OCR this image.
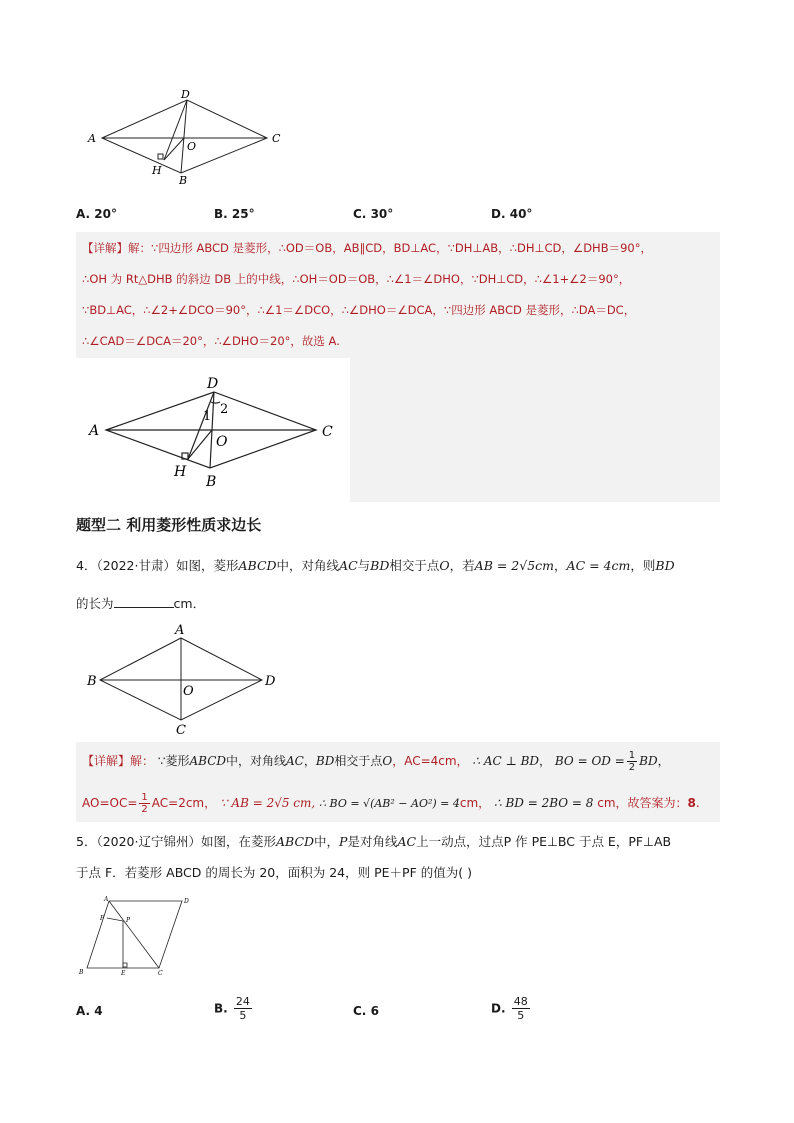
A
D
C
O
H
B
A. 20°	B. 25°	C. 30°	D. 40°
【详解】解：∵四边形 ABCD 是菱形，∴OD＝OB，AB∥CD，BD⊥AC，∵DH⊥AB，∴DH⊥CD，∠DHB＝90°，
∴OH 为 Rt△DHB 的斜边 DB 上的中线，∴OH＝OD＝OB，∴∠1＝∠DHO，∵DH⊥CD，∴∠1+∠2＝90°，
∵BD⊥AC，∴∠2+∠DCO＝90°，∴∠1＝∠DCO，∴∠DHO＝∠DCA，∵四边形 ABCD 是菱形，∴DA＝DC，
∴∠CAD＝∠DCA＝20°，∴∠DHO＝20°，故选 A.
A
D
C
O
H
B
1 2
题型二 利用菱形性质求边长
4．（2022·甘肃）如图，菱形ABCD中，对角线AC与BD相交于点O，若AB = 2√5cm，AC = 4cm，则BD
的长为	cm．
A
B	D
O
C
【详解】解： ∵菱形ABCD中，对角线AC，BD相交于点O，AC=4cm， ∴ AC ⊥ BD， BO = OD = $\frac{1}{2}$ BD，
$AO=OC= \frac{1}{2} AC=2cm$， ∵ AB = 2√5 cm, ∴ BO = √(AB² − AO²) = 4cm， ∴ BD = 2BO = 8 cm，故答案为：8.
5．（2020·辽宁锦州）如图，在菱形ABCD中，P是对角线AC上一动点，过点P 作 PE⊥BC 于点 E，PF⊥AB
于点 F．若菱形 ABCD 的周长为 20，面积为 24，则 PE＋PF 的值为( )
A	D
F	P
B	E	C
A. 4	B. $\frac{24}{5}$	C. 6	D. $\frac{48}{5}$
